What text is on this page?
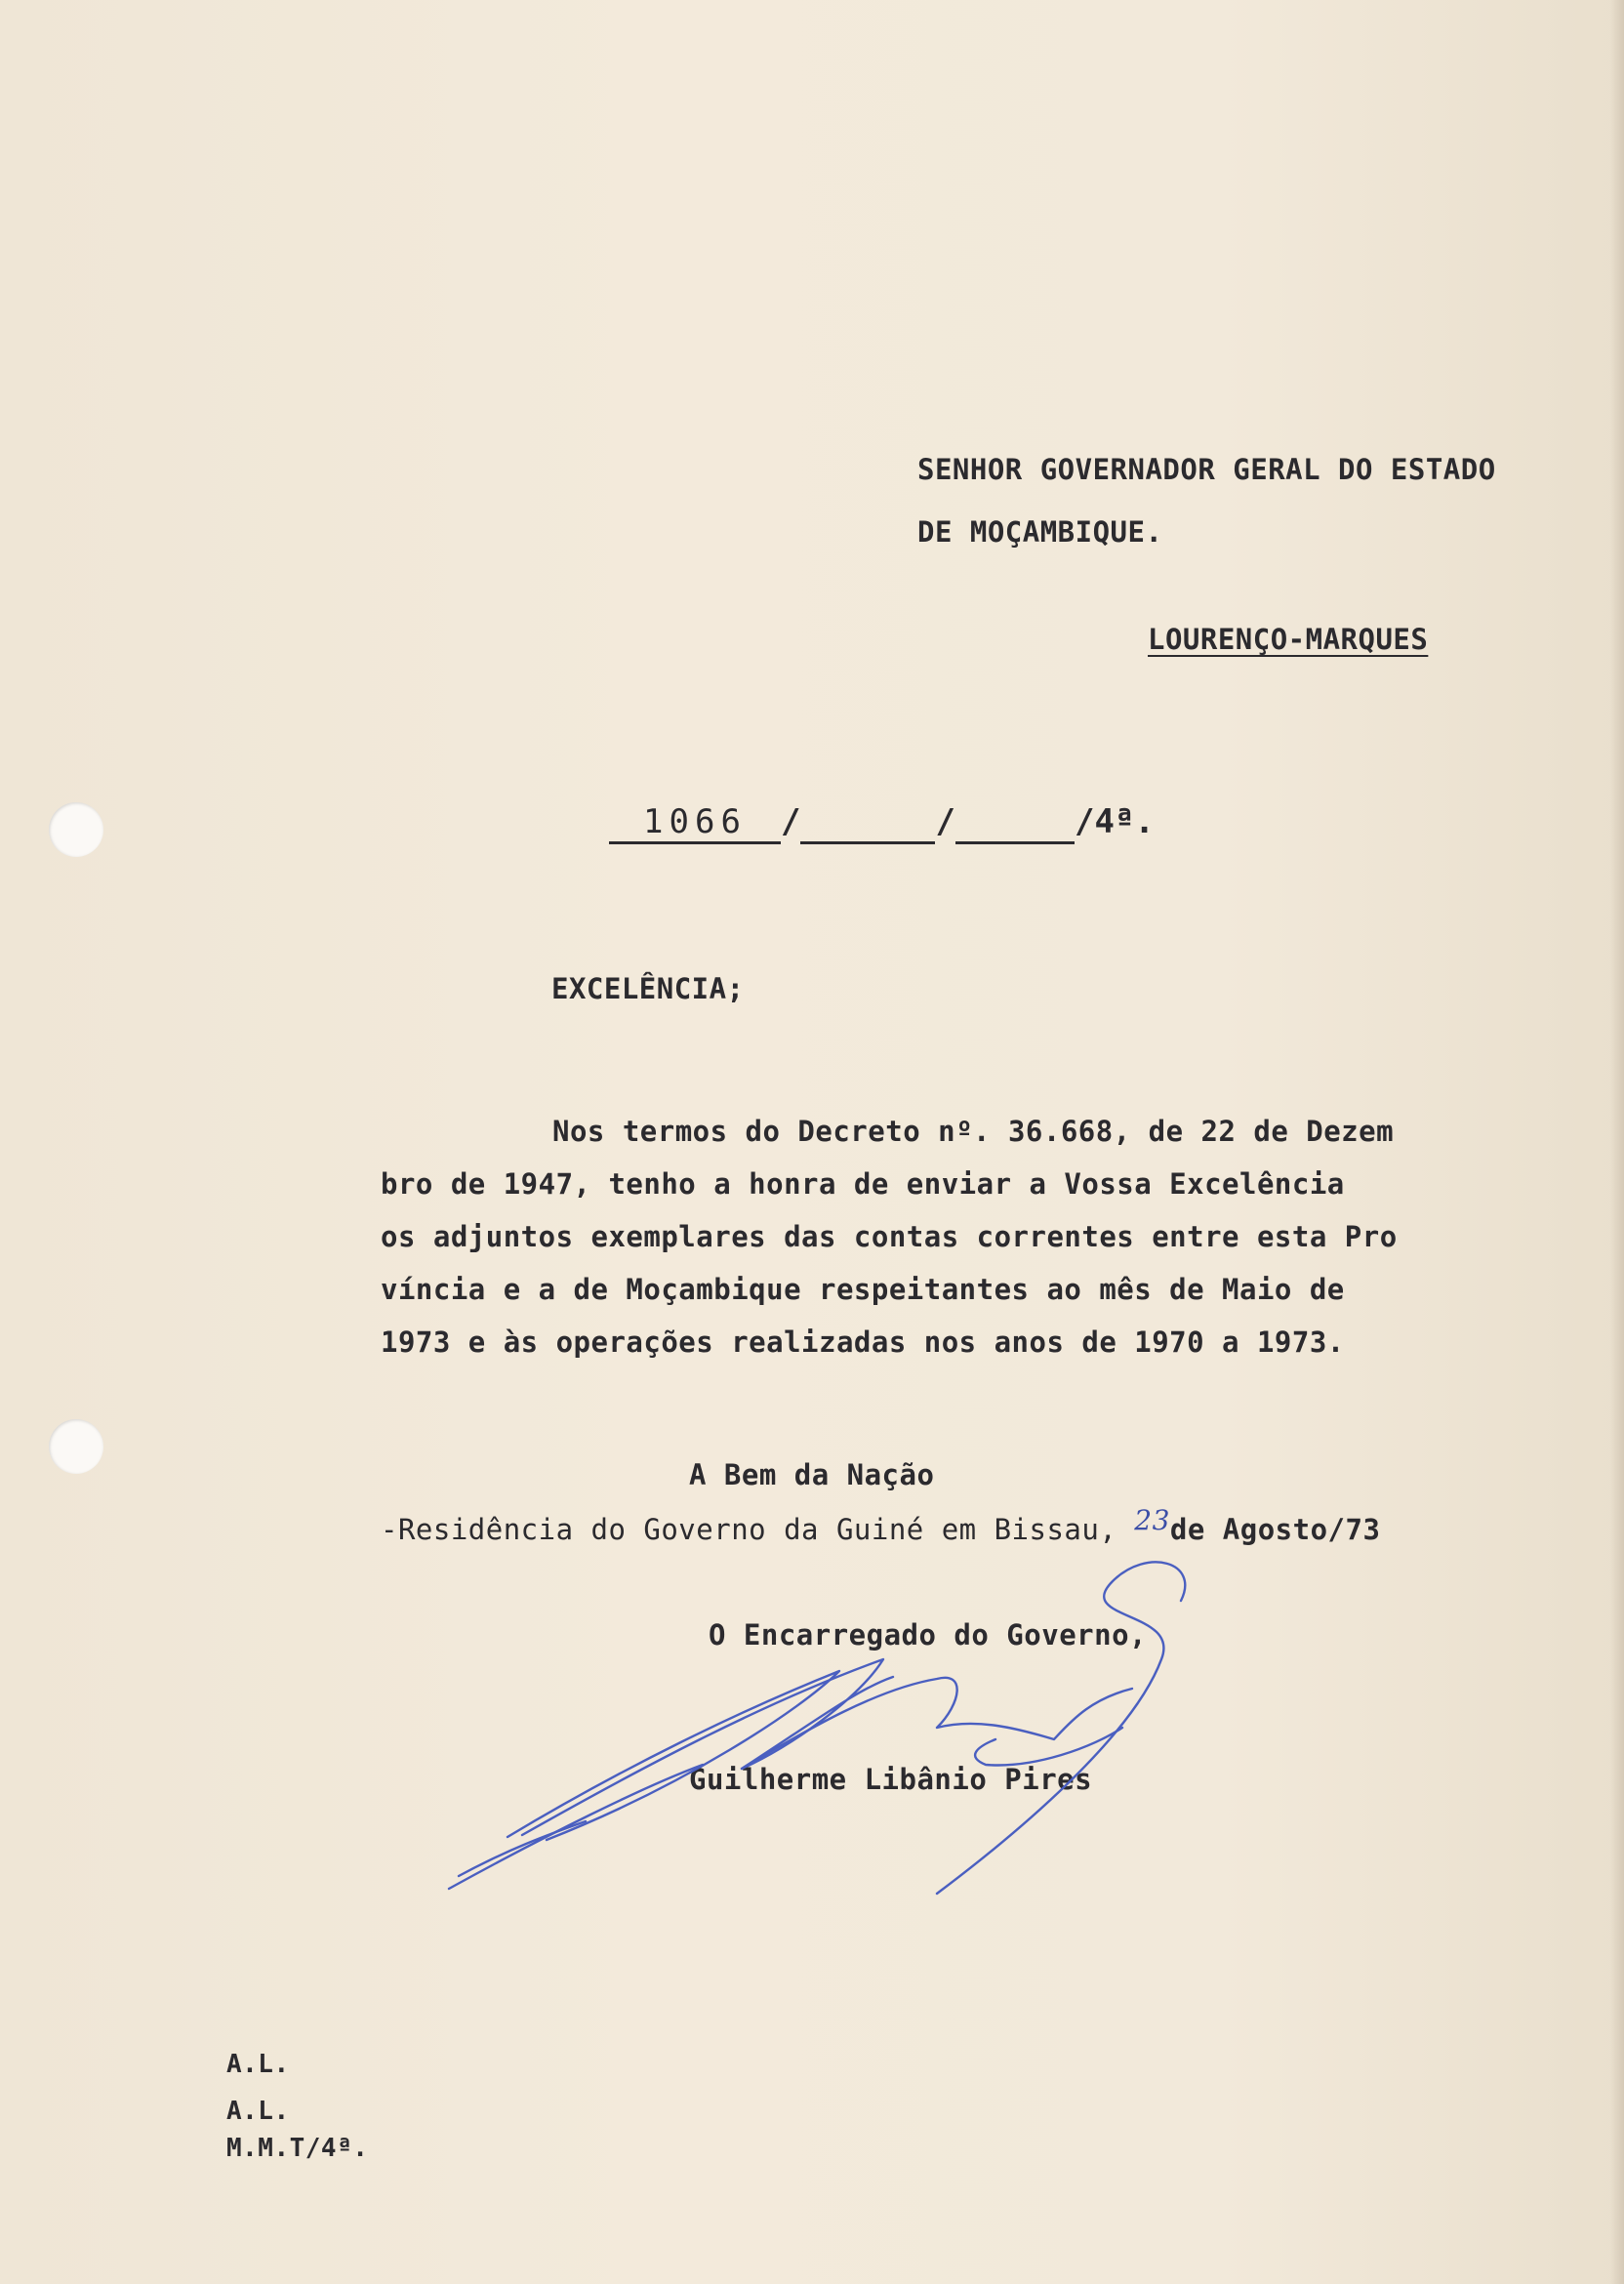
SENHOR GOVERNADOR GERAL DO ESTADO
DE MOÇAMBIQUE.
LOURENÇO-MARQUES
1066 /	/	/4ª.
EXCELÊNCIA;
Nos termos do Decreto nº. 36.668, de 22 de Dezem
bro de 1947, tenho a honra de enviar a Vossa Excelência
os adjuntos exemplares das contas correntes entre esta Pro
víncia e a de Moçambique respeitantes ao mês de Maio de
1973 e às operações realizadas nos anos de 1970 a 1973.
A Bem da Nação
-Residência do Governo da Guiné em Bissau, 23de Agosto/73
O Encarregado do Governo,
Guilherme Libânio Pires
A.L.
A.L.
M.M.T/4ª.
